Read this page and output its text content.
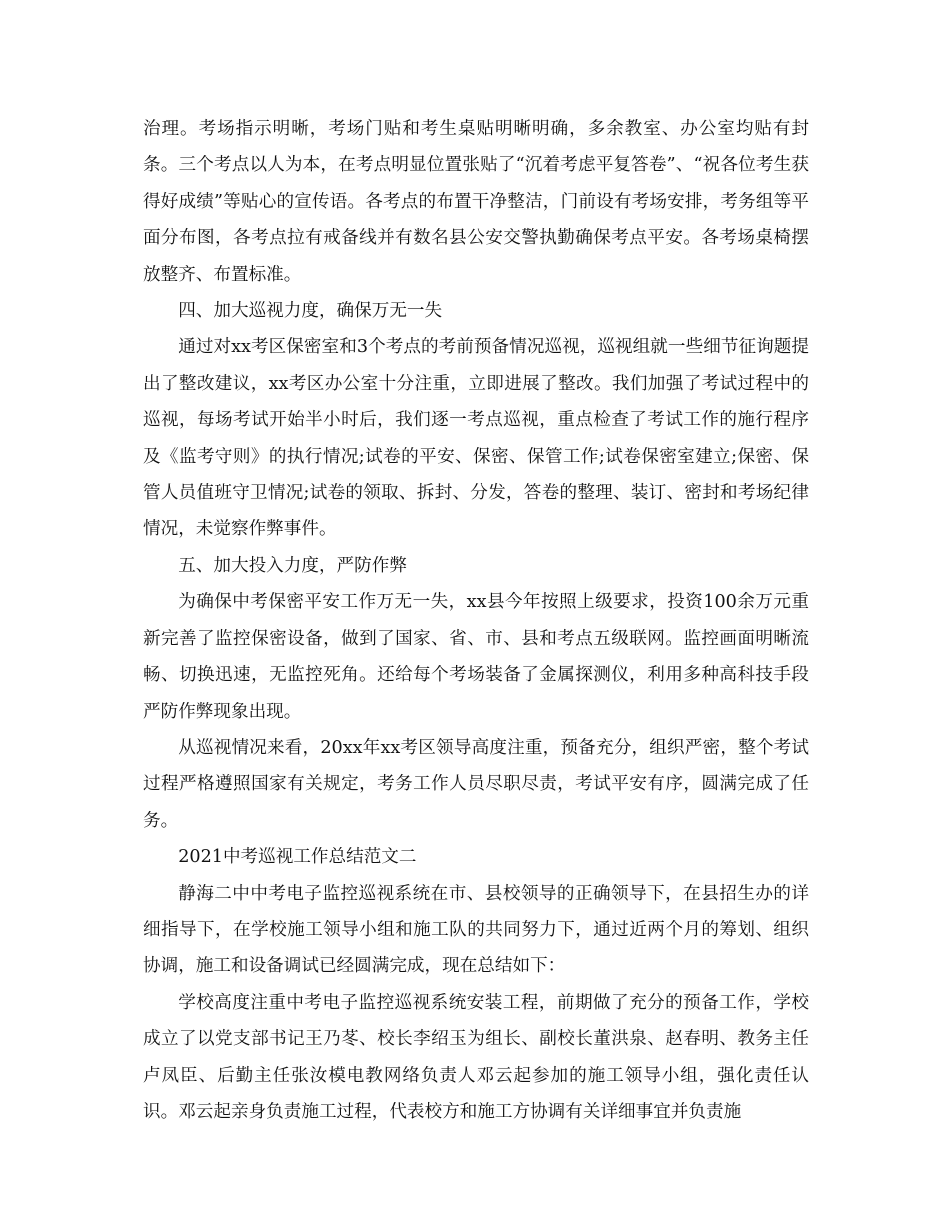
治理。考场指示明晰，考场门贴和考生桌贴明晰明确，多余教室、办公室均贴有封条。三个考点以人为本，在考点明显位置张贴了“沉着考虑平复答卷”、“祝各位考生获得好成绩”等贴心的宣传语。各考点的布置干净整洁，门前设有考场安排，考务组等平面分布图，各考点拉有戒备线并有数名县公安交警执勤确保考点平安。各考场桌椅摆放整齐、布置标准。

四、加大巡视力度，确保万无一失

通过对xx考区保密室和3个考点的考前预备情况巡视，巡视组就一些细节征询题提出了整改建议，xx考区办公室十分注重，立即进展了整改。我们加强了考试过程中的巡视，每场考试开始半小时后，我们逐一考点巡视，重点检查了考试工作的施行程序及《监考守则》的执行情况;试卷的平安、保密、保管工作;试卷保密室建立;保密、保管人员值班守卫情况;试卷的领取、拆封、分发，答卷的整理、装订、密封和考场纪律情况，未觉察作弊事件。

五、加大投入力度，严防作弊

为确保中考保密平安工作万无一失，xx县今年按照上级要求，投资100余万元重新完善了监控保密设备，做到了国家、省、市、县和考点五级联网。监控画面明晰流畅、切换迅速，无监控死角。还给每个考场装备了金属探测仪，利用多种高科技手段严防作弊现象出现。

从巡视情况来看，20xx年xx考区领导高度注重，预备充分，组织严密，整个考试过程严格遵照国家有关规定，考务工作人员尽职尽责，考试平安有序，圆满完成了任务。

2021中考巡视工作总结范文二

静海二中中考电子监控巡视系统在市、县校领导的正确领导下，在县招生办的详细指导下，在学校施工领导小组和施工队的共同努力下，通过近两个月的筹划、组织协调，施工和设备调试已经圆满完成，现在总结如下：

学校高度注重中考电子监控巡视系统安装工程，前期做了充分的预备工作，学校成立了以党支部书记王乃苳、校长李绍玉为组长、副校长董洪泉、赵春明、教务主任卢凤臣、后勤主任张汝模电教网络负责人邓云起参加的施工领导小组，强化责任认识。邓云起亲身负责施工过程，代表校方和施工方协调有关详细事宜并负责施
